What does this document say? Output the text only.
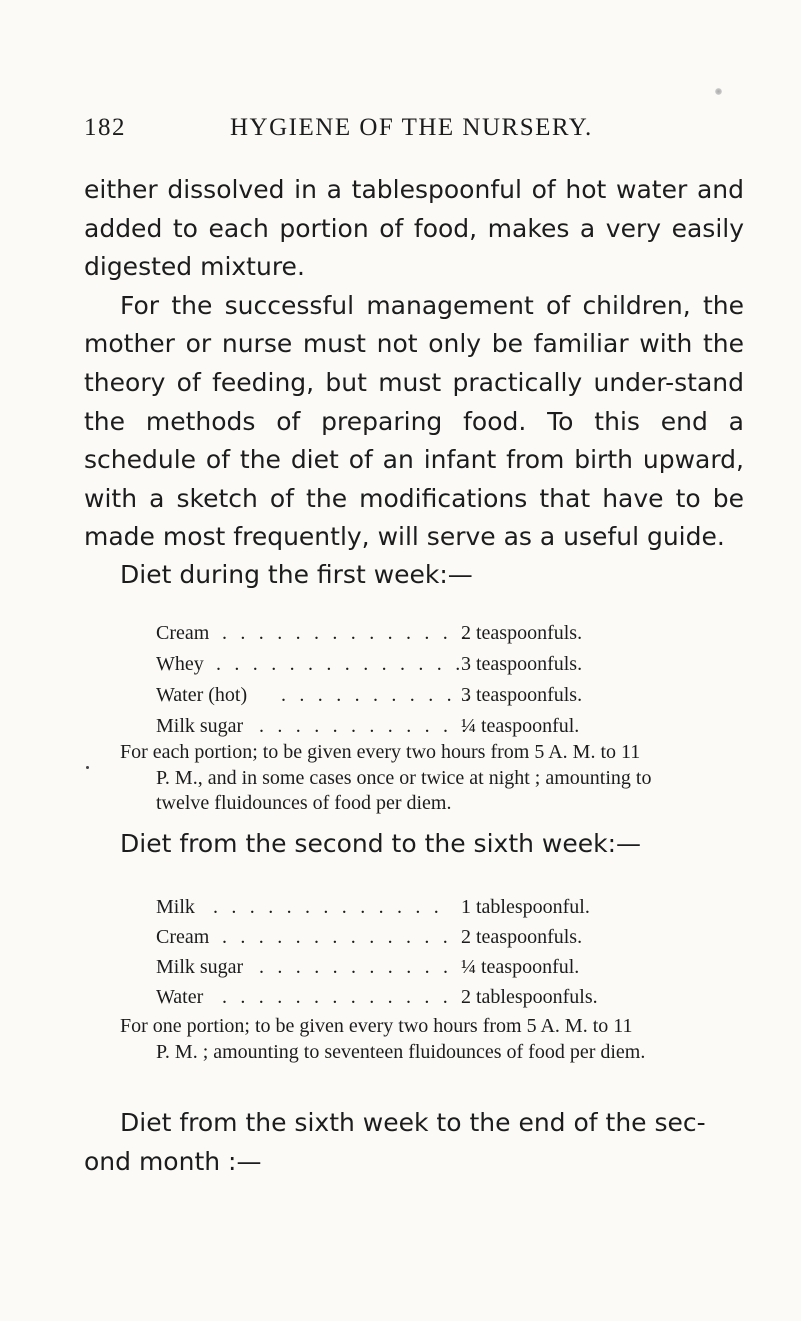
182	HYGIENE OF THE NURSERY.

either dissolved in a tablespoonful of hot water and added to each portion of food, makes a very easily digested mixture.

For the successful management of children, the mother or nurse must not only be familiar with the theory of feeding, but must practically under-stand the methods of preparing food. To this end a schedule of the diet of an infant from birth upward, with a sketch of the modifications that have to be made most frequently, will serve as a useful guide.

Diet during the first week:—
Cream . . . . . . . . . . . . . .
2 teaspoonfuls.
Whey . . . . . . . . . . . . . .
3 teaspoonfuls.
Water (hot) . . . . . . . . . . .
3 teaspoonfuls.
Milk sugar . . . . . . . . . . . .
¼ teaspoonful.
For each portion; to be given every two hours from 5 A. M. to 11
P. M., and in some cases once or twice at night ; amounting to
twelve fluidounces of food per diem.
Diet from the second to the sixth week:—
Milk . . . . . . . . . . . . . 1 tablespoonful.
Cream . . . . . . . . . . . . . 2 teaspoonfuls.
Milk sugar . . . . . . . . . . . ¼ teaspoonful.
Water . . . . . . . . . . . . . 2 tablespoonfuls.
For one portion; to be given every two hours from 5 A. M. to 11
P. M. ; amounting to seventeen fluidounces of food per diem.
Diet from the sixth week to the end of the sec-ond month :—
